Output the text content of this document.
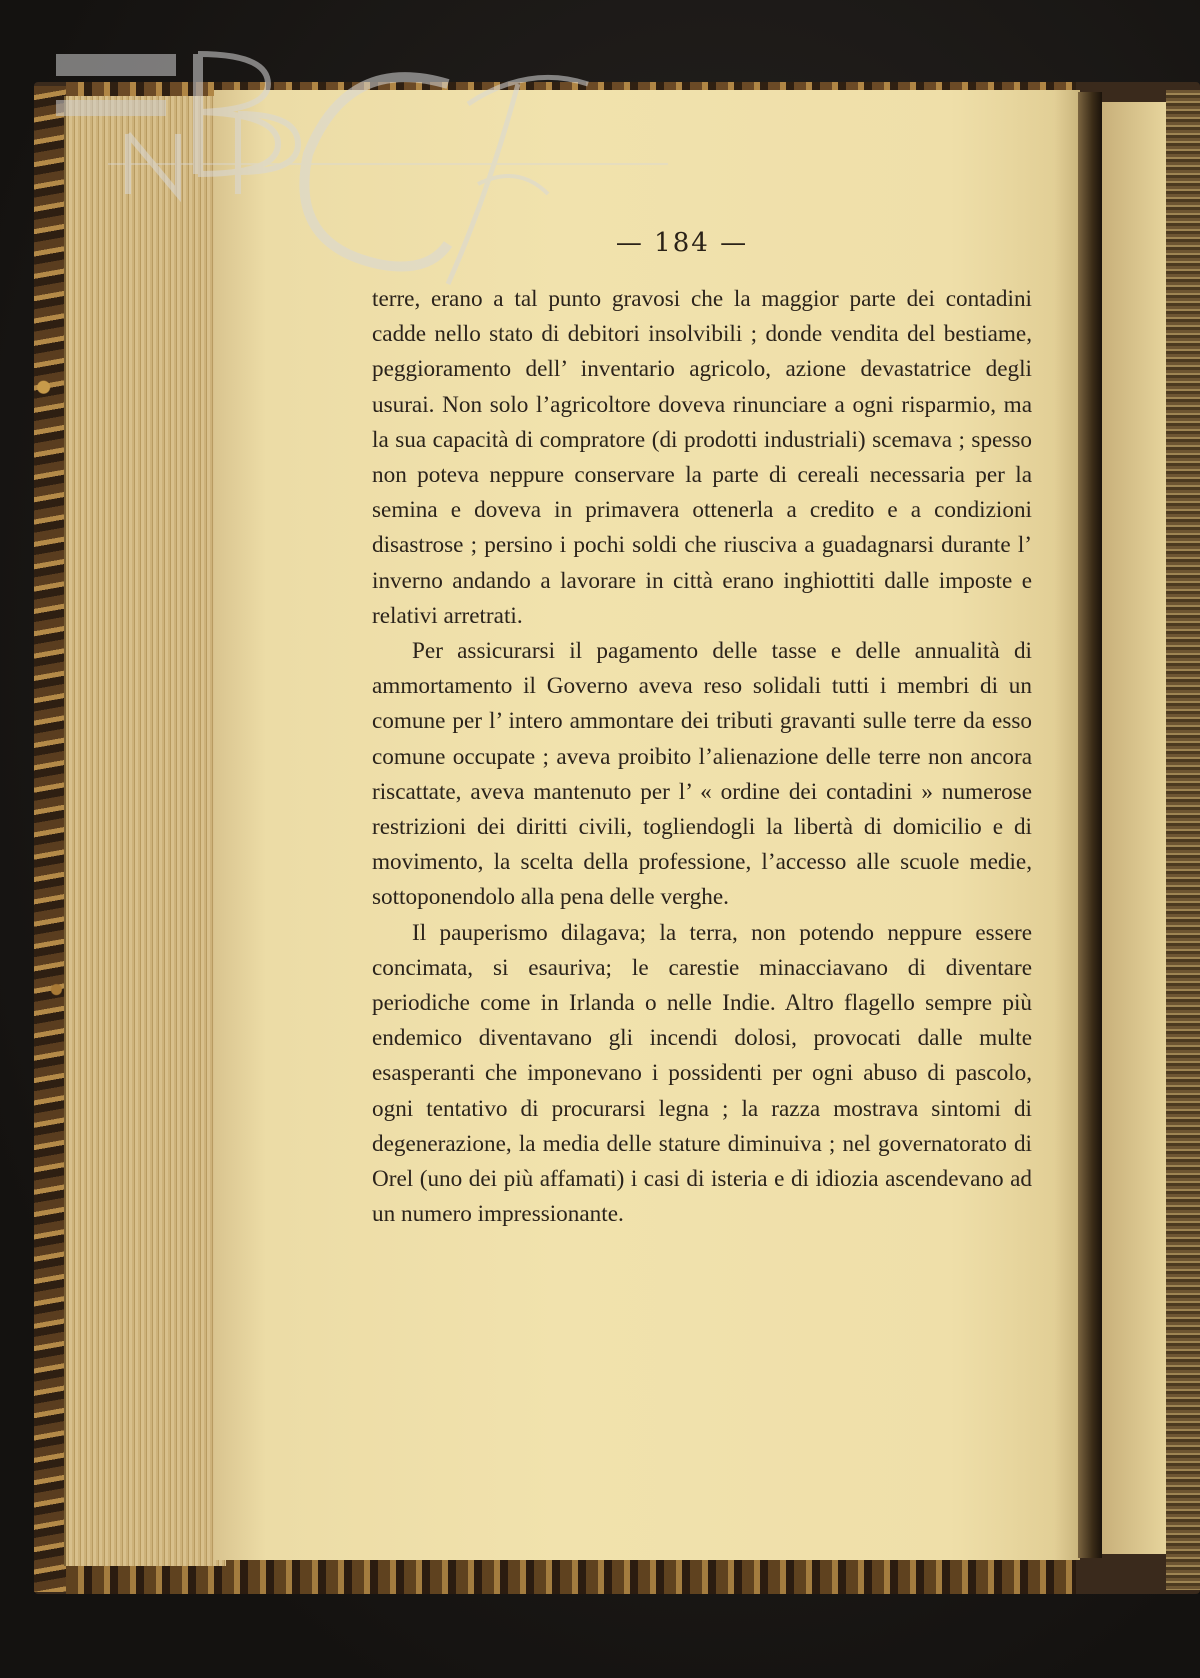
— 184 —

terre, erano a tal punto gravosi che la maggior parte dei contadini cadde nello stato di debitori insolvibili ; donde vendita del bestiame, peggioramento dell’ inventario agricolo, azione devastatrice degli usurai. Non solo l’agricoltore doveva rinunciare a ogni risparmio, ma la sua capacità di compratore (di prodotti industriali) scemava ; spesso non poteva neppure conservare la parte di cereali necessaria per la semina e doveva in primavera ottenerla a credito e a condizioni disastrose ; persino i pochi soldi che riusciva a guadagnarsi durante l’ inverno andando a lavorare in città erano inghiottiti dalle imposte e relativi arretrati.

Per assicurarsi il pagamento delle tasse e delle annualità di ammortamento il Governo aveva reso solidali tutti i membri di un comune per l’ intero ammontare dei tributi gravanti sulle terre da esso comune occupate ; aveva proibito l’alienazione delle terre non ancora riscattate, aveva mantenuto per l’ « ordine dei contadini » numerose restrizioni dei diritti civili, togliendogli la libertà di domicilio e di movimento, la scelta della professione, l’accesso alle scuole medie, sottoponendolo alla pena delle verghe.

Il pauperismo dilagava; la terra, non potendo neppure essere concimata, si esauriva; le carestie minacciavano di diventare periodiche come in Irlanda o nelle Indie. Altro flagello sempre più endemico diventavano gli incendi dolosi, provocati dalle multe esasperanti che imponevano i possidenti per ogni abuso di pascolo, ogni tentativo di procurarsi legna ; la razza mostrava sintomi di degenerazione, la media delle stature diminuiva ; nel governatorato di Orel (uno dei più affamati) i casi di isteria e di idiozia ascendevano ad un numero impressionante.
